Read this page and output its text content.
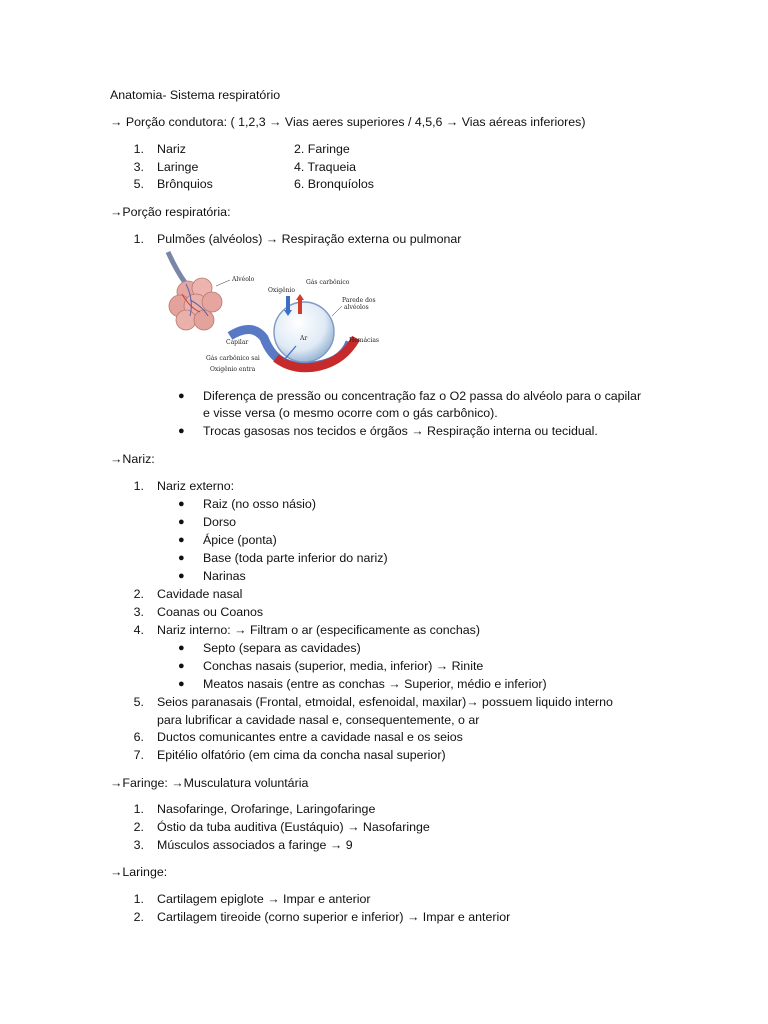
Anatomia- Sistema respiratório
→ Porção condutora: ( 1,2,3 → Vias aeres superiores / 4,5,6 → Vias aéreas inferiores)
1. Nariz	2. Faringe
3. Laringe	4. Traqueia
5. Brônquios	6. Bronquíolos
→Porção respiratória:
1. Pulmões (alvéolos) → Respiração externa ou pulmonar
Alvéolo
Ar
Oxigênio
Gás carbônico
Parede dos
alvéolos
Hemácias
Capilar
Gás carbônico sai
Oxigênio entra
● Diferença de pressão ou concentração faz o O2 passa do alvéolo para o capilar
e visse versa (o mesmo ocorre com o gás carbônico).
● Trocas gasosas nos tecidos e órgãos → Respiração interna ou tecidual.
→Nariz:
1. Nariz externo:
● Raiz (no osso násio)
● Dorso
● Ápice (ponta)
● Base (toda parte inferior do nariz)
● Narinas
2. Cavidade nasal
3. Coanas ou Coanos
4. Nariz interno: → Filtram o ar (especificamente as conchas)
● Septo (separa as cavidades)
● Conchas nasais (superior, media, inferior) → Rinite
● Meatos nasais (entre as conchas → Superior, médio e inferior)
5. Seios paranasais (Frontal, etmoidal, esfenoidal, maxilar)→ possuem liquido interno
para lubrificar a cavidade nasal e, consequentemente, o ar
6. Ductos comunicantes entre a cavidade nasal e os seios
7. Epitélio olfatório (em cima da concha nasal superior)
→Faringe: →Musculatura voluntária
1. Nasofaringe, Orofaringe, Laringofaringe
2. Óstio da tuba auditiva (Eustáquio) → Nasofaringe
3. Músculos associados a faringe → 9
→Laringe:
1. Cartilagem epiglote → Impar e anterior
2. Cartilagem tireoide (corno superior e inferior) → Impar e anterior
